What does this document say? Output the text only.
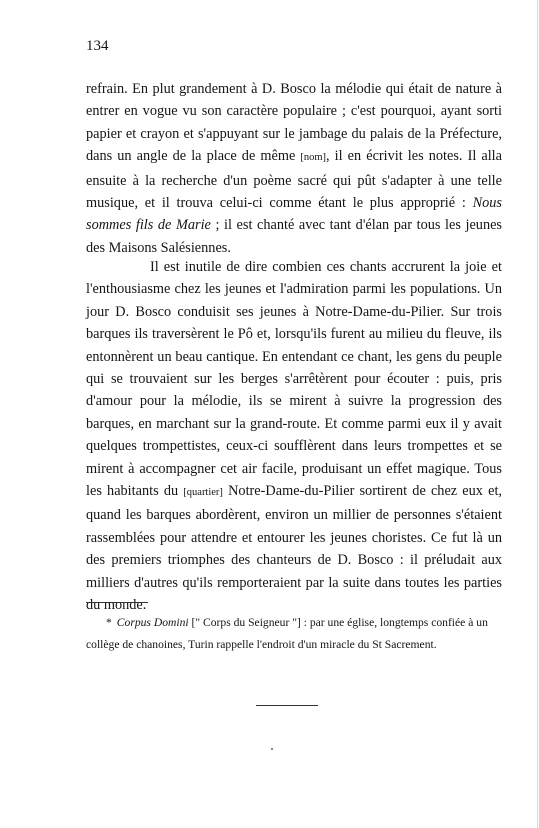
134
refrain. En plut grandement à D. Bosco la mélodie qui était de nature à entrer en vogue vu son caractère populaire ; c'est pourquoi, ayant sorti papier et crayon et s'appuyant sur le jambage du palais de la Préfecture, dans un angle de la place de même [nom], il en écrivit les notes. Il alla ensuite à la recherche d'un poème sacré qui pût s'adapter à une telle musique, et il trouva celui-ci comme étant le plus approprié : Nous sommes fils de Marie ; il est chanté avec tant d'élan par tous les jeunes des Maisons Salésiennes.
Il est inutile de dire combien ces chants accrurent la joie et l'enthousiasme chez les jeunes et l'admiration parmi les populations. Un jour D. Bosco conduisit ses jeunes à Notre-Dame-du-Pilier. Sur trois barques ils traversèrent le Pô et, lorsqu'ils furent au milieu du fleuve, ils entonnèrent un beau cantique. En entendant ce chant, les gens du peuple qui se trouvaient sur les berges s'arrêtèrent pour écouter : puis, pris d'amour pour la mélodie, ils se mirent à suivre la progression des barques, en marchant sur la grand-route. Et comme parmi eux il y avait quelques trompettistes, ceux-ci soufflèrent dans leurs trompettes et se mirent à accompagner cet air facile, produisant un effet magique. Tous les habitants du [quartier] Notre-Dame-du-Pilier sortirent de chez eux et, quand les barques abordèrent, environ un millier de personnes s'étaient rassemblées pour attendre et entourer les jeunes choristes. Ce fut là un des premiers triomphes des chanteurs de D. Bosco : il préludait aux milliers d'autres qu'ils remporteraient par la suite dans toutes les parties du monde.
* Corpus Domini [" Corps du Seigneur "] : par une église, longtemps confiée à un collège de chanoines, Turin rappelle l'endroit d'un miracle du St Sacrement.
